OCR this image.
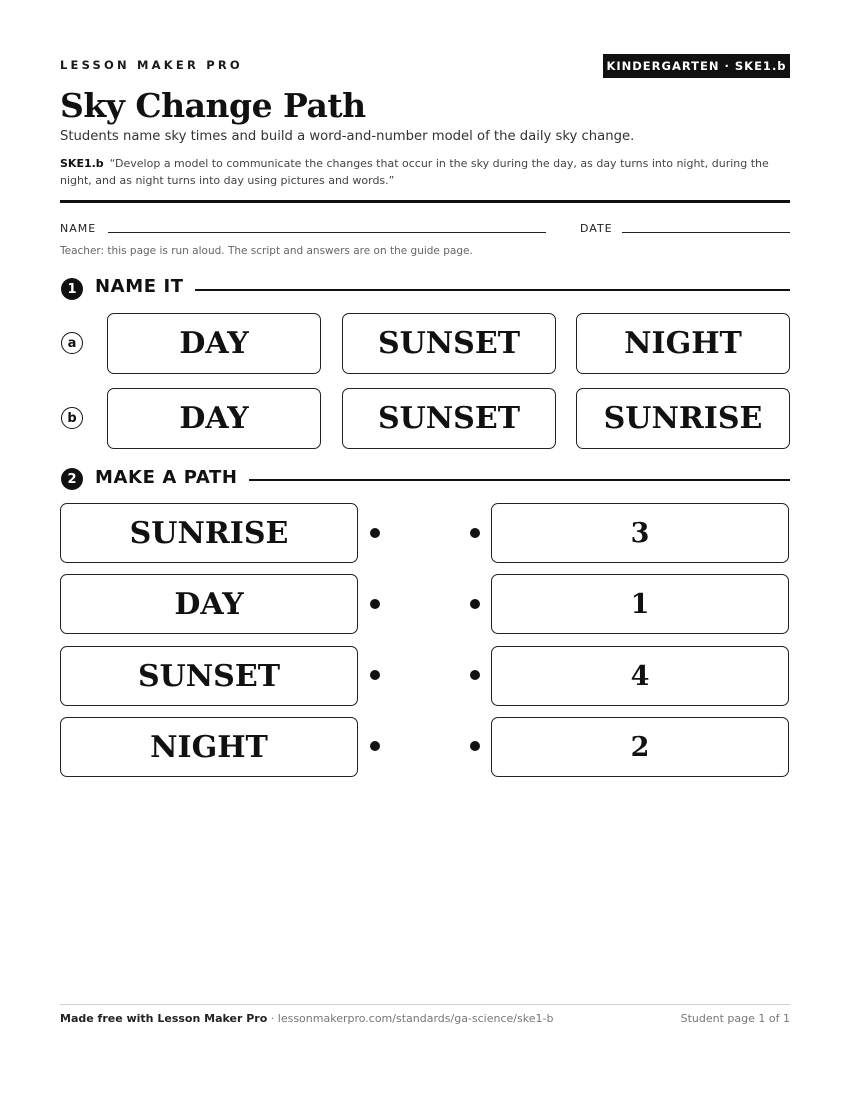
LESSON MAKER PRO	KINDERGARTEN · SKE1.b
Sky Change Path
Students name sky times and build a word-and-number model of the daily sky change.
SKE1.b “Develop a model to communicate the changes that occur in the sky during the day, as day turns into night, during the night, and as night turns into day using pictures and words.”
NAME	DATE
Teacher: this page is run aloud. The script and answers are on the guide page.
1	NAME IT
a	DAY	SUNSET	NIGHT
b	DAY	SUNSET	SUNRISE
2	MAKE A PATH
SUNRISE	3
DAY	1
SUNSET	4
NIGHT	2
Made free with Lesson Maker Pro · lessonmakerpro.com/standards/ga-science/ske1-b	Student page 1 of 1
